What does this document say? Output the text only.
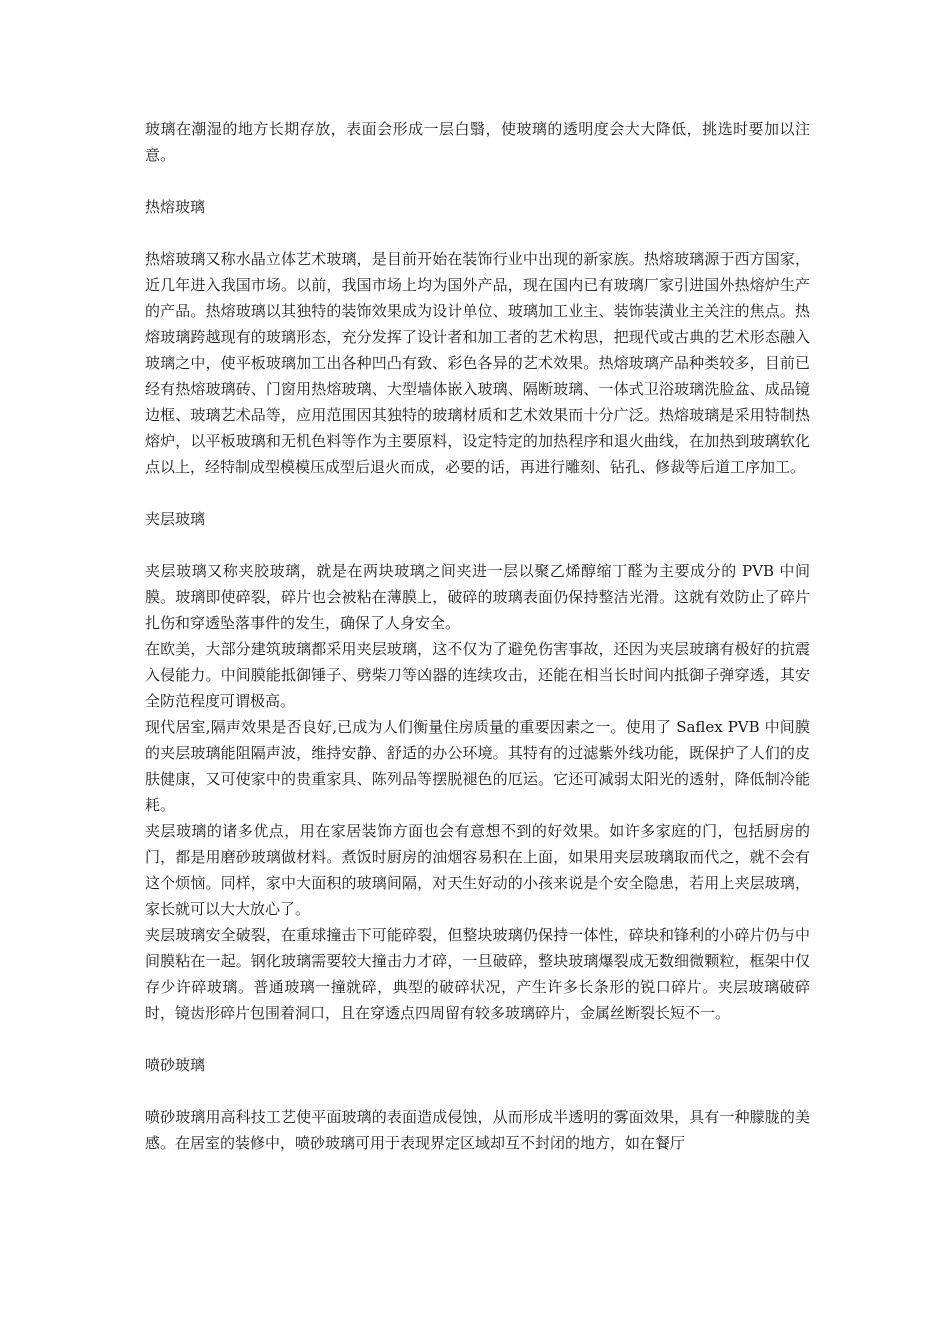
玻璃在潮湿的地方长期存放，表面会形成一层白翳，使玻璃的透明度会大大降低，挑选时要加以注意。

热熔玻璃

热熔玻璃又称水晶立体艺术玻璃，是目前开始在装饰行业中出现的新家族。热熔玻璃源于西方国家，近几年进入我国市场。以前，我国市场上均为国外产品，现在国内已有玻璃厂家引进国外热熔炉生产的产品。热熔玻璃以其独特的装饰效果成为设计单位、玻璃加工业主、装饰装潢业主关注的焦点。热熔玻璃跨越现有的玻璃形态，充分发挥了设计者和加工者的艺术构思，把现代或古典的艺术形态融入玻璃之中，使平板玻璃加工出各种凹凸有致、彩色各异的艺术效果。热熔玻璃产品种类较多，目前已经有热熔玻璃砖、门窗用热熔玻璃、大型墙体嵌入玻璃、隔断玻璃、一体式卫浴玻璃洗脸盆、成品镜边框、玻璃艺术品等，应用范围因其独特的玻璃材质和艺术效果而十分广泛。热熔玻璃是采用特制热熔炉，以平板玻璃和无机色料等作为主要原料，设定特定的加热程序和退火曲线，在加热到玻璃软化点以上，经特制成型模模压成型后退火而成，必要的话，再进行雕刻、钻孔、修裁等后道工序加工。

夹层玻璃

夹层玻璃又称夹胶玻璃，就是在两块玻璃之间夹进一层以聚乙烯醇缩丁醛为主要成分的 PVB 中间膜。玻璃即使碎裂，碎片也会被粘在薄膜上，破碎的玻璃表面仍保持整洁光滑。这就有效防止了碎片扎伤和穿透坠落事件的发生，确保了人身安全。

在欧美，大部分建筑玻璃都采用夹层玻璃，这不仅为了避免伤害事故，还因为夹层玻璃有极好的抗震入侵能力。中间膜能抵御锤子、劈柴刀等凶器的连续攻击，还能在相当长时间内抵御子弹穿透，其安全防范程度可谓极高。

现代居室,隔声效果是否良好,已成为人们衡量住房质量的重要因素之一。使用了 Saflex PVB 中间膜的夹层玻璃能阻隔声波，维持安静、舒适的办公环境。其特有的过滤紫外线功能，既保护了人们的皮肤健康，又可使家中的贵重家具、陈列品等摆脱褪色的厄运。它还可减弱太阳光的透射，降低制冷能耗。

夹层玻璃的诸多优点，用在家居装饰方面也会有意想不到的好效果。如许多家庭的门，包括厨房的门，都是用磨砂玻璃做材料。煮饭时厨房的油烟容易积在上面，如果用夹层玻璃取而代之，就不会有这个烦恼。同样，家中大面积的玻璃间隔，对天生好动的小孩来说是个安全隐患，若用上夹层玻璃，家长就可以大大放心了。

夹层玻璃安全破裂，在重球撞击下可能碎裂，但整块玻璃仍保持一体性，碎块和锋利的小碎片仍与中间膜粘在一起。钢化玻璃需要较大撞击力才碎，一旦破碎，整块玻璃爆裂成无数细微颗粒，框架中仅存少许碎玻璃。普通玻璃一撞就碎，典型的破碎状况，产生许多长条形的锐口碎片。夹层玻璃破碎时，镜齿形碎片包围着洞口，且在穿透点四周留有较多玻璃碎片，金属丝断裂长短不一。

喷砂玻璃

喷砂玻璃用高科技工艺使平面玻璃的表面造成侵蚀，从而形成半透明的雾面效果，具有一种朦胧的美感。在居室的装修中，喷砂玻璃可用于表现界定区域却互不封闭的地方，如在餐厅
